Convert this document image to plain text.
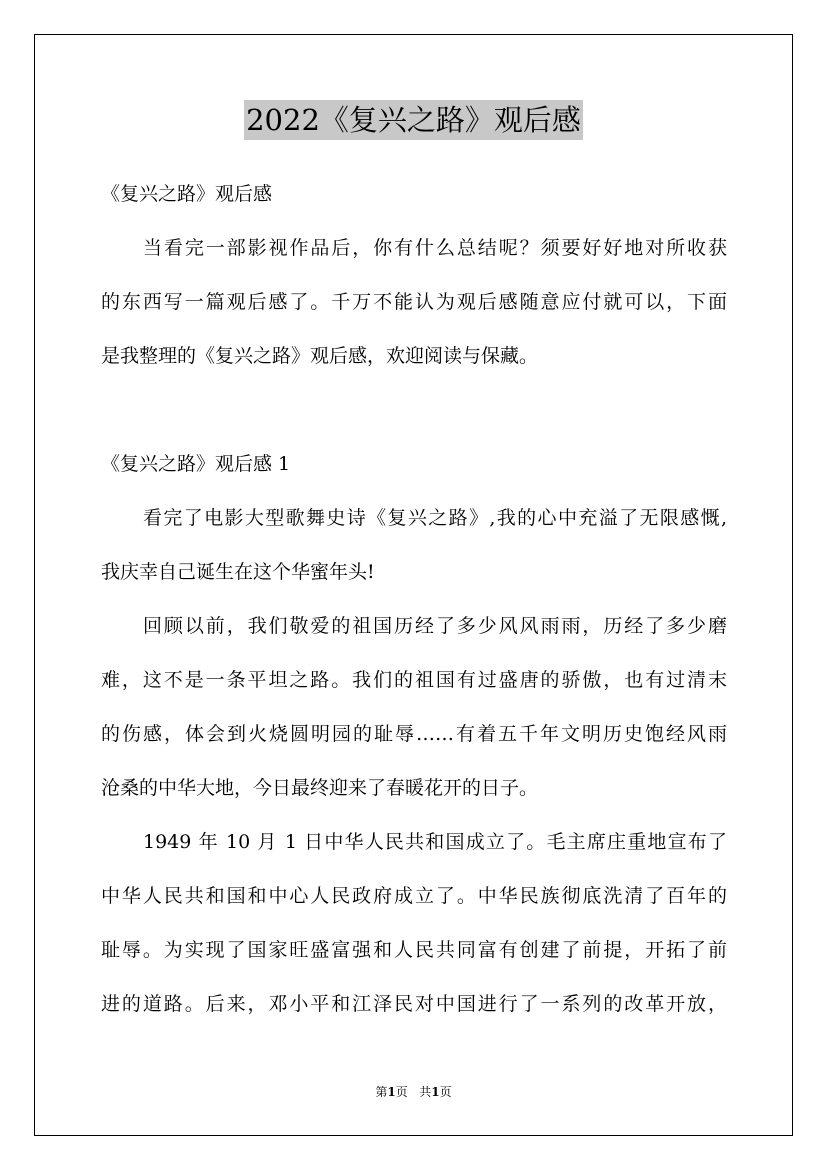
2022《复兴之路》观后感
《复兴之路》观后感
当看完一部影视作品后，你有什么总结呢？须要好好地对所收获
的东西写一篇观后感了。千万不能认为观后感随意应付就可以，下面
是我整理的《复兴之路》观后感，欢迎阅读与保藏。
《复兴之路》观后感 1
看完了电影大型歌舞史诗《复兴之路》,我的心中充溢了无限感慨,
我庆幸自己诞生在这个华蜜年头!
回顾以前，我们敬爱的祖国历经了多少风风雨雨，历经了多少磨
难，这不是一条平坦之路。我们的祖国有过盛唐的骄傲，也有过清末
的伤感，体会到火烧圆明园的耻辱……有着五千年文明历史饱经风雨
沧桑的中华大地，今日最终迎来了春暖花开的日子。
1949 年 10 月 1 日中华人民共和国成立了。毛主席庄重地宣布了
中华人民共和国和中心人民政府成立了。中华民族彻底洗清了百年的
耻辱。为实现了国家旺盛富强和人民共同富有创建了前提，开拓了前
进的道路。后来，邓小平和江泽民对中国进行了一系列的改革开放，
第1页 共1页
